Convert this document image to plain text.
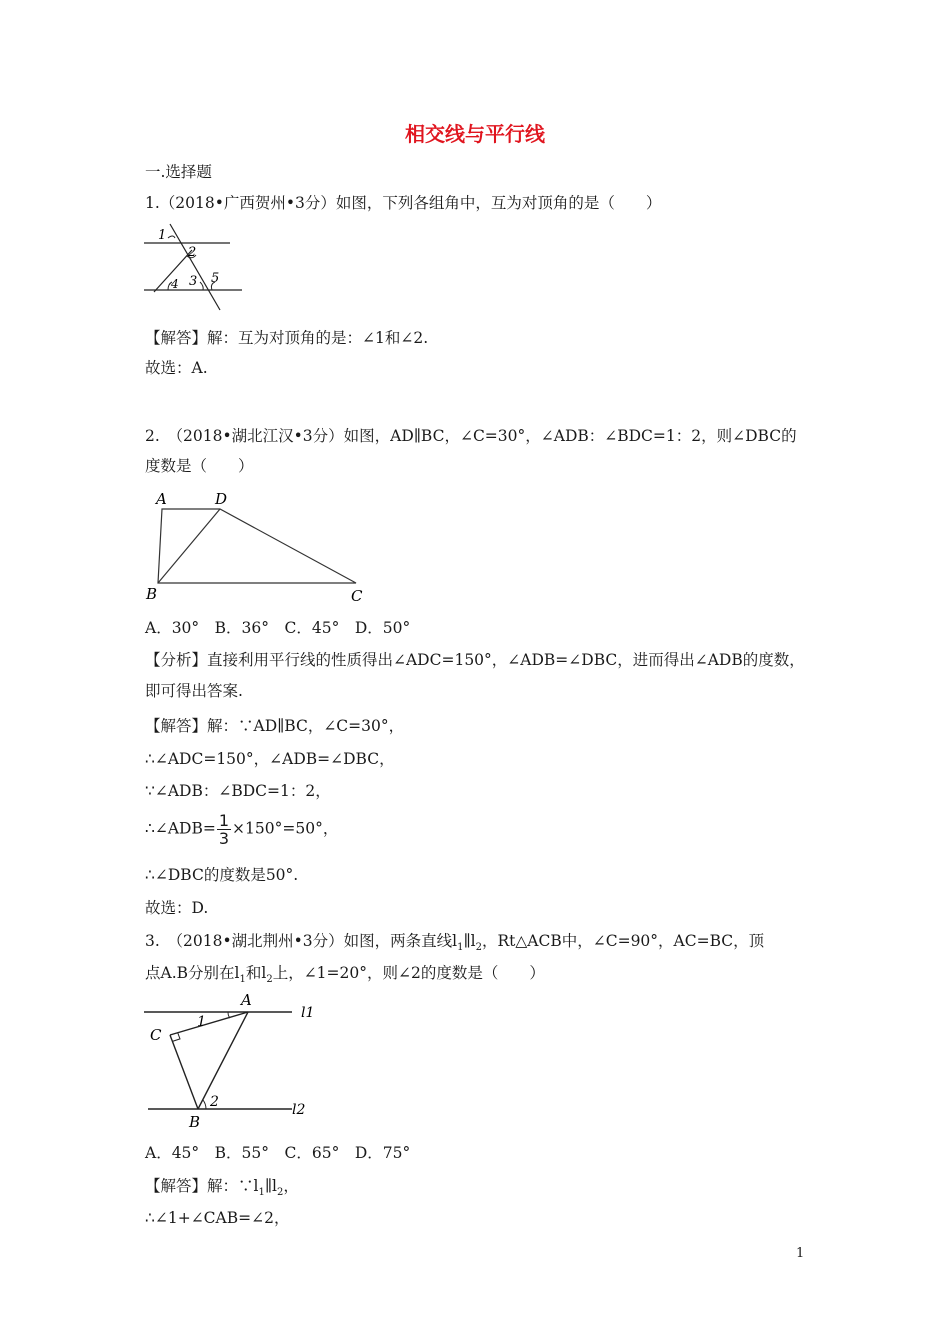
相交线与平行线
一.选择题
1.（2018•广西贺州•3分）如图，下列各组角中，互为对顶角的是（　　）
1
2
3
4 5
【解答】解：互为对顶角的是：∠1和∠2.
故选：A.
2.　（2018•湖北江汉•3分）如图，AD∥BC，∠C=30°，∠ADB：∠BDC=1：2，则∠DBC的
度数是（　　）
A	D
B	C
A．30°　B．36°　C．45°　D．50°
【分析】直接利用平行线的性质得出∠ADC=150°，∠ADB=∠DBC，进而得出∠ADB的度数，
即可得出答案.
【解答】解：∵AD∥BC，∠C=30°，
∴∠ADC=150°，∠ADB=∠DBC，
∵∠ADB：∠BDC=1：2，
∴∠ADB= $\frac{1}{3} \times 150^\circ=50^\circ$，
∴∠DBC的度数是50°.
故选：D.
3.　（2018•湖北荆州•3分）如图，两条直线$l_1\parallel l_2$，Rt△ACB中，∠C=90°，AC=BC，顶
点A.B分别在$l_1$和$l_2$上，∠1=20°，则∠2的度数是（　　）
A
C
B
1
2
l1
l2
A．45°　B．55°　C．65°　D．75°
【解答】解：$\because l_1\parallel l_2$，
∴∠1+∠CAB=∠2，
1
